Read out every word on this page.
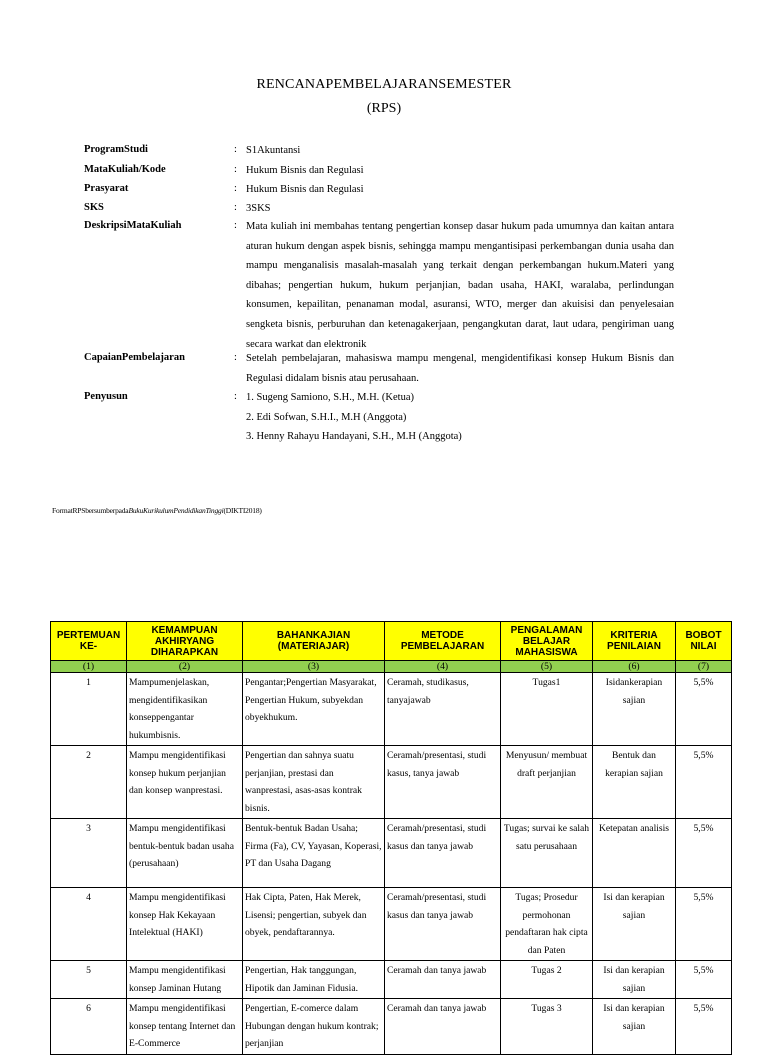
RENCANAPEMBELAJARANSEMESTER
(RPS)
ProgramStudi	: S1Akuntansi
MataKuliah/Kode	: Hukum Bisnis dan Regulasi
Prasyarat	: Hukum Bisnis dan Regulasi
SKS	: 3SKS
DeskripsiMataKuliah	: Mata kuliah ini membahas tentang pengertian konsep dasar hukum pada umumnya dan kaitan antara aturan hukum dengan aspek bisnis, sehingga mampu mengantisipasi perkembangan dunia usaha dan mampu menganalisis masalah-masalah yang terkait dengan perkembangan hukum.Materi yang dibahas; pengertian hukum, hukum perjanjian, badan usaha, HAKI, waralaba, perlindungan konsumen, kepailitan, penanaman modal, asuransi, WTO, merger dan akuisisi dan penyelesaian sengketa bisnis, perburuhan dan ketenagakerjaan, pengangkutan darat, laut udara, pengiriman uang secara warkat dan elektronik
CapaianPembelajaran	: Setelah pembelajaran, mahasiswa mampu mengenal, mengidentifikasi konsep Hukum Bisnis dan Regulasi didalam bisnis atau perusahaan.
Penyusun	: 1. Sugeng Samiono, S.H., M.H. (Ketua)
2. Edi Sofwan, S.H.I., M.H (Anggota)
3. Henny Rahayu Handayani, S.H., M.H (Anggota)
FormatRPSbersumberpadaBukuKurikulumPendidikanTinggi(DIKTI2018)
PERTEMUAN KE-	KEMAMPUAN AKHIRYANG DIHARAPKAN	BAHANKAJIAN (MATERIAJAR)	METODE PEMBELAJARAN	PENGALAMAN BELAJAR MAHASISWA	KRITERIA PENILAIAN	BOBOT NILAI
(1)	(2)	(3)	(4)	(5)	(6)	(7)
1	Mampumenjelaskan, mengidentifikasikan konseppengantar hukumbisnis.	Pengantar;Pengertian Masyarakat, Pengertian Hukum, subyekdan obyekhukum.	Ceramah, studikasus, tanyajawab	Tugas1	Isidankerapian sajian	5,5%
2	Mampu mengidentifikasi konsep hukum perjanjian dan konsep wanprestasi.	Pengertian dan sahnya suatu perjanjian, prestasi dan wanprestasi, asas-asas kontrak bisnis.	Ceramah/presentasi, studi kasus, tanya jawab	Menyusun/ membuat draft perjanjian	Bentuk dan kerapian sajian	5,5%
3	Mampu mengidentifikasi bentuk-bentuk badan usaha (perusahaan)	Bentuk-bentuk Badan Usaha; Firma (Fa), CV, Yayasan, Koperasi, PT dan Usaha Dagang	Ceramah/presentasi, studi kasus dan tanya jawab	Tugas; survai ke salah satu perusahaan	Ketepatan analisis	5,5%
4	Mampu mengidentifikasi konsep Hak Kekayaan Intelektual (HAKI)	Hak Cipta, Paten, Hak Merek, Lisensi; pengertian, subyek dan obyek, pendaftarannya.	Ceramah/presentasi, studi kasus dan tanya jawab	Tugas; Prosedur permohonan pendaftaran hak cipta dan Paten	Isi dan kerapian sajian	5,5%
5	Mampu mengidentifikasi konsep Jaminan Hutang	Pengertian, Hak tanggungan, Hipotik dan Jaminan Fidusia.	Ceramah dan tanya jawab	Tugas 2	Isi dan kerapian sajian	5,5%
6	Mampu mengidentifikasi konsep tentang Internet dan E-Commerce	Pengertian, E-comerce dalam Hubungan dengan hukum kontrak; perjanjian	Ceramah dan tanya jawab	Tugas 3	Isi dan kerapian sajian	5,5%
